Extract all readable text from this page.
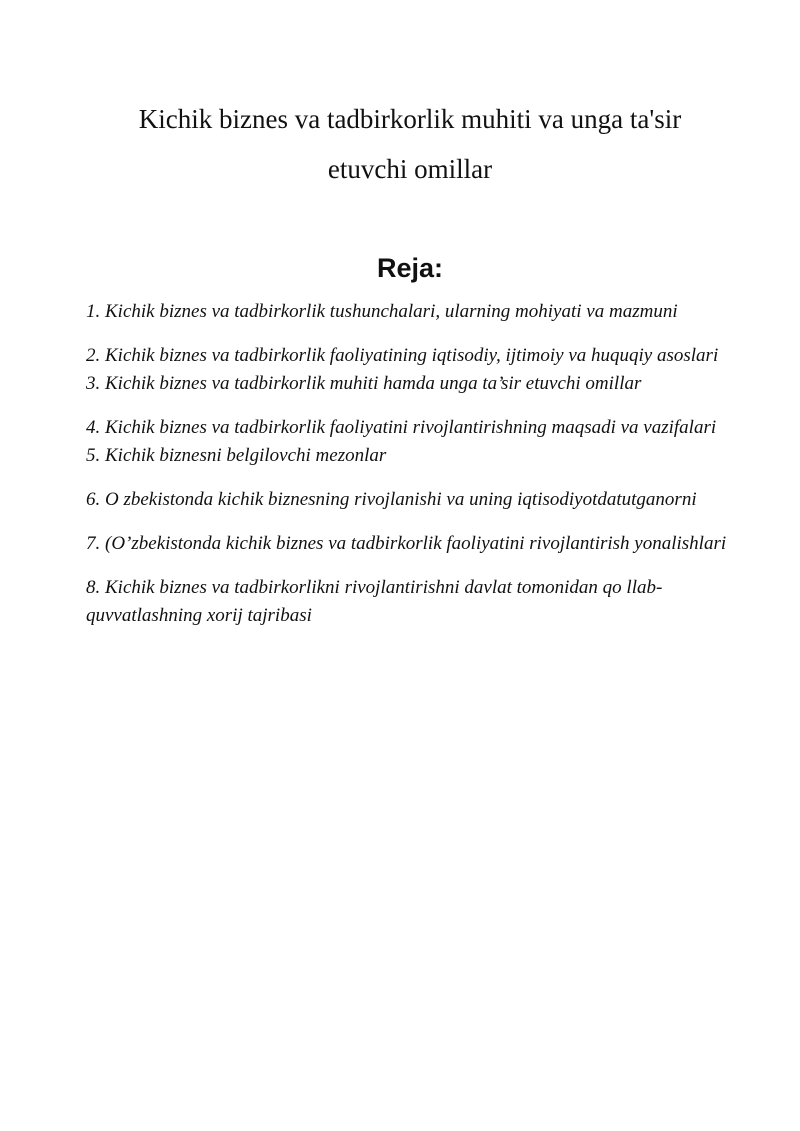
Kichik biznes va tadbirkorlik muhiti va unga ta'sir
etuvchi omillar
Reja:
1. Kichik biznes va tadbirkorlik tushunchalari, ularning mohiyati va mazmuni
2. Kichik biznes va tadbirkorlik faoliyatining iqtisodiy, ijtimoiy va huquqiy asoslari
3. Kichik biznes va tadbirkorlik muhiti hamda unga ta’sir etuvchi omillar
4. Kichik biznes va tadbirkorlik faoliyatini rivojlantirishning maqsadi va vazifalari
5. Kichik biznesni belgilovchi mezonlar
6. O zbekistonda kichik biznesning rivojlanishi va uning iqtisodiyotdatutganorni
7. (O’zbekistonda kichik biznes va tadbirkorlik faoliyatini rivojlantirish yonalishlari
8. Kichik biznes va tadbirkorlikni rivojlantirishni davlat tomonidan qo llab-quvvatlashning xorij tajribasi
